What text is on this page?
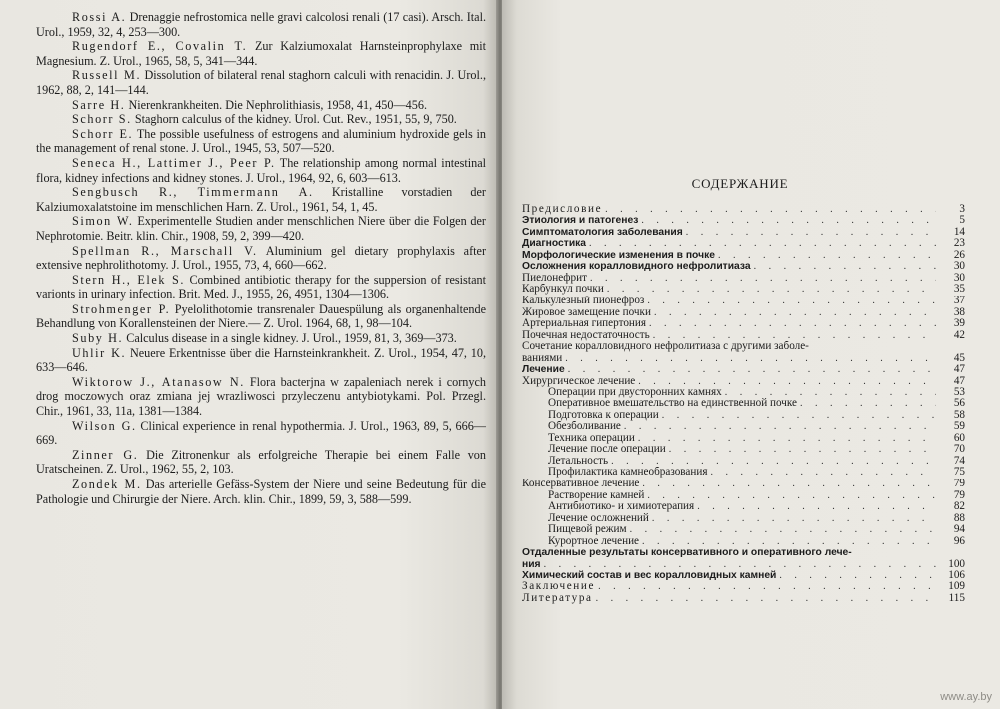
Rossi A. Drenaggie nefrostomica nelle gravi calcolosi renali (17 casi). Arsch. Ital. Urol., 1959, 32, 4, 253—300.

Rugendorf E., Covalin T. Zur Kalziumoxalat Harnsteinprophylaxe mit Magnesium. Z. Urol., 1965, 58, 5, 341—344.

Russell M. Dissolution of bilateral renal staghorn calculi with renacidin. J. Urol., 1962, 88, 2, 141—144.

Sarre H. Nierenkrankheiten. Die Nephrolithiasis, 1958, 41, 450—456.

Schorr S. Staghorn calculus of the kidney. Urol. Cut. Rev., 1951, 55, 9, 750.

Schorr E. The possible usefulness of estrogens and aluminium hydroxide gels in the management of renal stone. J. Urol., 1945, 53, 507—520.

Seneca H., Lattimer J., Peer P. The relationship among normal intestinal flora, kidney infections and kidney stones. J. Urol., 1964, 92, 6, 603—613.

Sengbusch R., Timmermann A. Kristalline vorstadien der Kalziumoxalatstoine im menschlichen Harn. Z. Urol., 1961, 54, 1, 45.

Simon W. Experimentelle Studien ander menschlichen Niere über die Folgen der Nephrotomie. Beitr. klin. Chir., 1908, 59, 2, 399—420.

Spellman R., Marschall V. Aluminium gel dietary prophylaxis after extensive nephrolithotomy. J. Urol., 1955, 73, 4, 660—662.

Stern H., Elek S. Combined antibiotic therapy for the suppersion of resistant varionts in urinary infection. Brit. Med. J., 1955, 26, 4951, 1304—1306.

Strohmenger P. Pyelolithotomie transrenaler Dauespülung als organenhaltende Behandlung von Korallensteinen der Niere.— Z. Urol. 1964, 68, 1, 98—104.

Suby H. Calculus disease in a single kidney. J. Urol., 1959, 81, 3, 369—373.

Uhlir K. Neuere Erkentnisse über die Harnsteinkrankheit. Z. Urol., 1954, 47, 10, 633—646.

Wiktorow J., Atanasow N. Flora bacterjna w zapaleniach nerek i cornych drog moczowych oraz zmiana jej wrazliwosci przyleczenu antybiotykami. Pol. Przegl. Chir., 1961, 33, 11a, 1381—1384.

Wilson G. Clinical experience in renal hypothermia. J. Urol., 1963, 89, 5, 666—669.

Zinner G. Die Zitronenkur als erfolgreiche Therapie bei einem Falle von Uratscheinen. Z. Urol., 1962, 55, 2, 103.

Zondek M. Das arterielle Gefäss-System der Niere und seine Bedeutung für die Pathologie und Chirurgie der Niere. Arch. klin. Chir., 1899, 59, 3, 588—599.

СОДЕРЖАНИЕ
Предисловие . . .	3
Этиология и патогенез . . .	5
Симптоматология заболевания . . .	14
Диагностика . . .	23
Морфологические изменения в почке . . .	26
Осложнения коралловидного нефролитиаза . . .	30
Пиелонефрит . . .	30
Карбункул почки . . .	35
Калькулезный пионефроз . . .	37
Жировое замещение почки . . .	38
Артериальная гипертония . . .	39
Почечная недостаточность . . .	42
Сочетание коралловидного нефролитиаза с другими заболе-
ваниями . . .	45
Лечение . . .	47
Хирургическое лечение . . .	47
Операции при двусторонних камнях . . .	53
Оперативное вмешательство на единственной почке . . .	56
Подготовка к операции . . .	58
Обезболивание . . .	59
Техника операции . . .	60
Лечение после операции . . .	70
Летальность . . .	74
Профилактика камнеобразования . . .	75
Консервативное лечение . . .	79
Растворение камней . . .	79
Антибиотико- и химиотерапия . . .	82
Лечение осложнений . . .	88
Пищевой режим . . .	94
Курортное лечение . . .	96
Отдаленные результаты консервативного и оперативного лече-
ния . . .	100
Химический состав и вес коралловидных камней . . .	106
Заключение . . .	109
Литература . . .	115
www.ay.by
